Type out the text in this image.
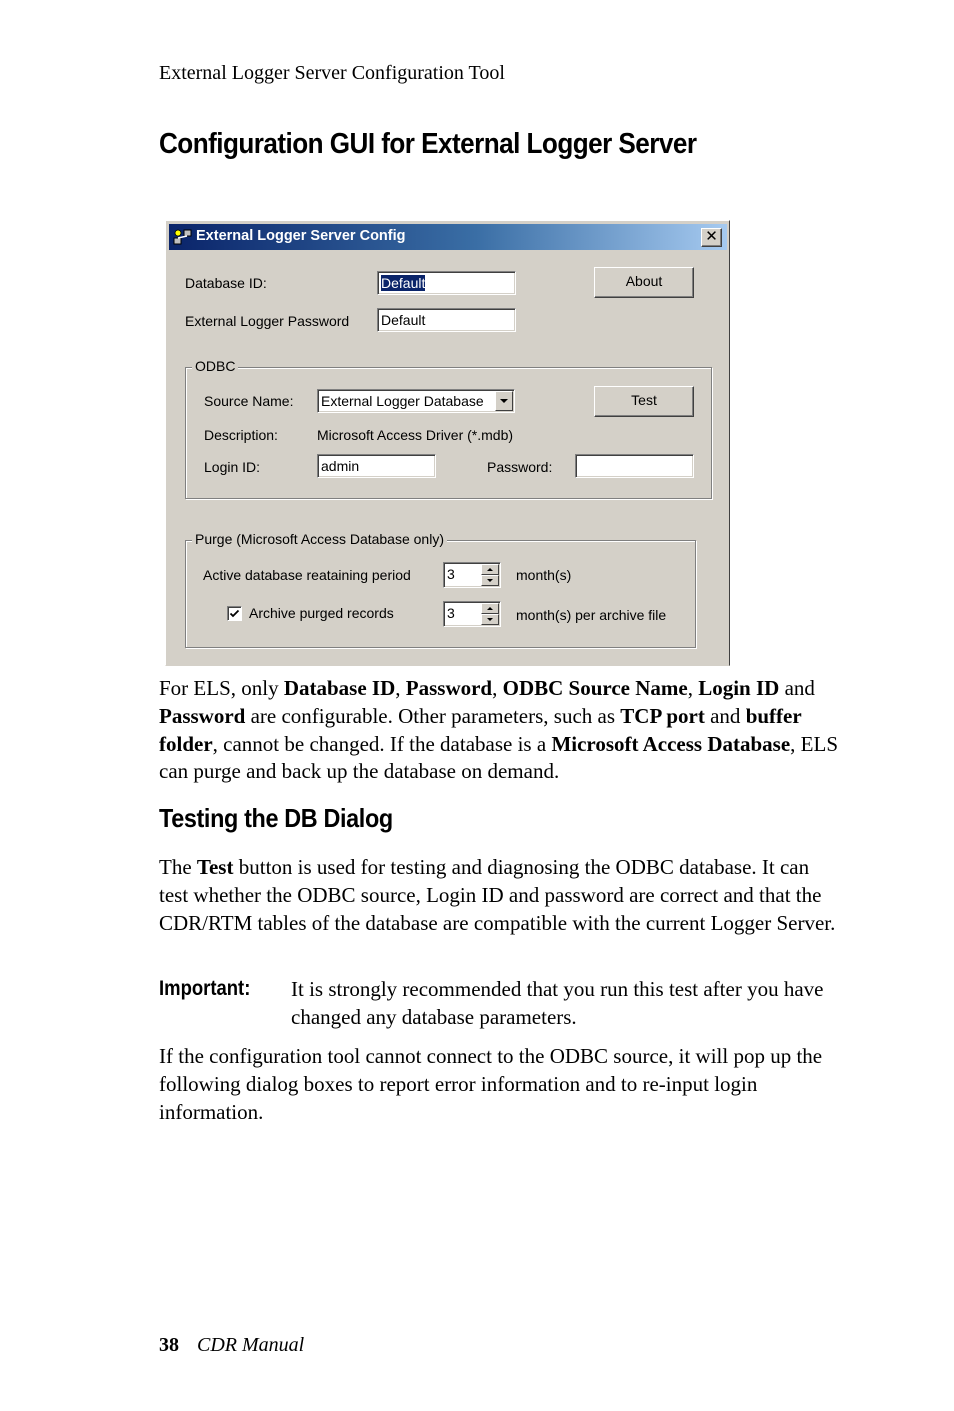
External Logger Server Configuration Tool
Configuration GUI for External Logger Server
External Logger Server Config	✕
Database ID:	Default	About
External Logger Password Default
ODBC
Source Name: External Logger Database	Test
Description:	Microsoft Access Driver (*.mdb)
Login ID:	admin	Password:
Purge (Microsoft Access Database only)
Active database reataining period	3	month(s)
Archive purged records	3	month(s) per archive file

For ELS, only Database ID, Password, ODBC Source Name, Login ID and Password are configurable. Other parameters, such as TCP port and buffer folder, cannot be changed. If the database is a Microsoft Access Database, ELS can purge and back up the database on demand.

Testing the DB Dialog

The Test button is used for testing and diagnosing the ODBC database. It can test whether the ODBC source, Login ID and password are correct and that the CDR/RTM tables of the database are compatible with the current Logger Server.

Important: It is strongly recommended that you run this test after you have changed any database parameters.

If the configuration tool cannot connect to the ODBC source, it will pop up the following dialog boxes to report error information and to re-input login information.

38 CDR Manual
